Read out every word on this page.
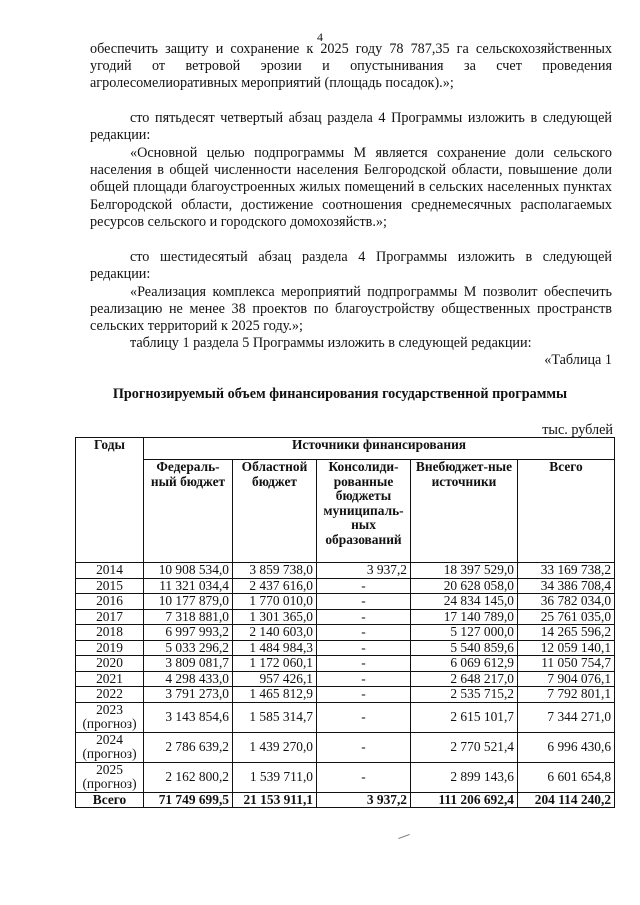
4

обеспечить защиту и сохранение к 2025 году 78 787,35 га сельскохозяйственных угодий от ветровой эрозии и опустынивания за счет проведения агролесомелиоративных мероприятий (площадь посадок).»;

сто пятьдесят четвертый абзац раздела 4 Программы изложить в следующей редакции:

«Основной целью подпрограммы М является сохранение доли сельского населения в общей численности населения Белгородской области, повышение доли общей площади благоустроенных жилых помещений в сельских населенных пунктах Белгородской области, достижение соотношения среднемесячных располагаемых ресурсов сельского и городского домохозяйств.»;

сто шестидесятый абзац раздела 4 Программы изложить в следующей редакции:

«Реализация комплекса мероприятий подпрограммы М позволит обеспечить реализацию не менее 38 проектов по благоустройству общественных пространств сельских территорий к 2025 году.»;

таблицу 1 раздела 5 Программы изложить в следующей редакции:

«Таблица 1
Прогнозируемый объем финансирования государственной программы
тыс. рублей
Годы	Источники финансирования				
	Федераль-ный бюджет	Областной бюджет	Консолиди-рованные бюджеты муниципаль-ных образований	Внебюджет-ные источники	Всего
2014	10 908 534,0	3 859 738,0	3 937,2	18 397 529,0	33 169 738,2
2015	11 321 034,4	2 437 616,0	-	20 628 058,0	34 386 708,4
2016	10 177 879,0	1 770 010,0	-	24 834 145,0	36 782 034,0
2017	7 318 881,0	1 301 365,0	-	17 140 789,0	25 761 035,0
2018	6 997 993,2	2 140 603,0	-	5 127 000,0	14 265 596,2
2019	5 033 296,2	1 484 984,3	-	5 540 859,6	12 059 140,1
2020	3 809 081,7	1 172 060,1	-	6 069 612,9	11 050 754,7
2021	4 298 433,0	957 426,1	-	2 648 217,0	7 904 076,1
2022	3 791 273,0	1 465 812,9	-	2 535 715,2	7 792 801,1
2023
(прогноз)	3 143 854,6	1 585 314,7	-	2 615 101,7	7 344 271,0
2024
(прогноз)	2 786 639,2	1 439 270,0	-	2 770 521,4	6 996 430,6
2025
(прогноз)	2 162 800,2	1 539 711,0	-	2 899 143,6	6 601 654,8
Всего	71 749 699,5	21 153 911,1	3 937,2	111 206 692,4	204 114 240,2
